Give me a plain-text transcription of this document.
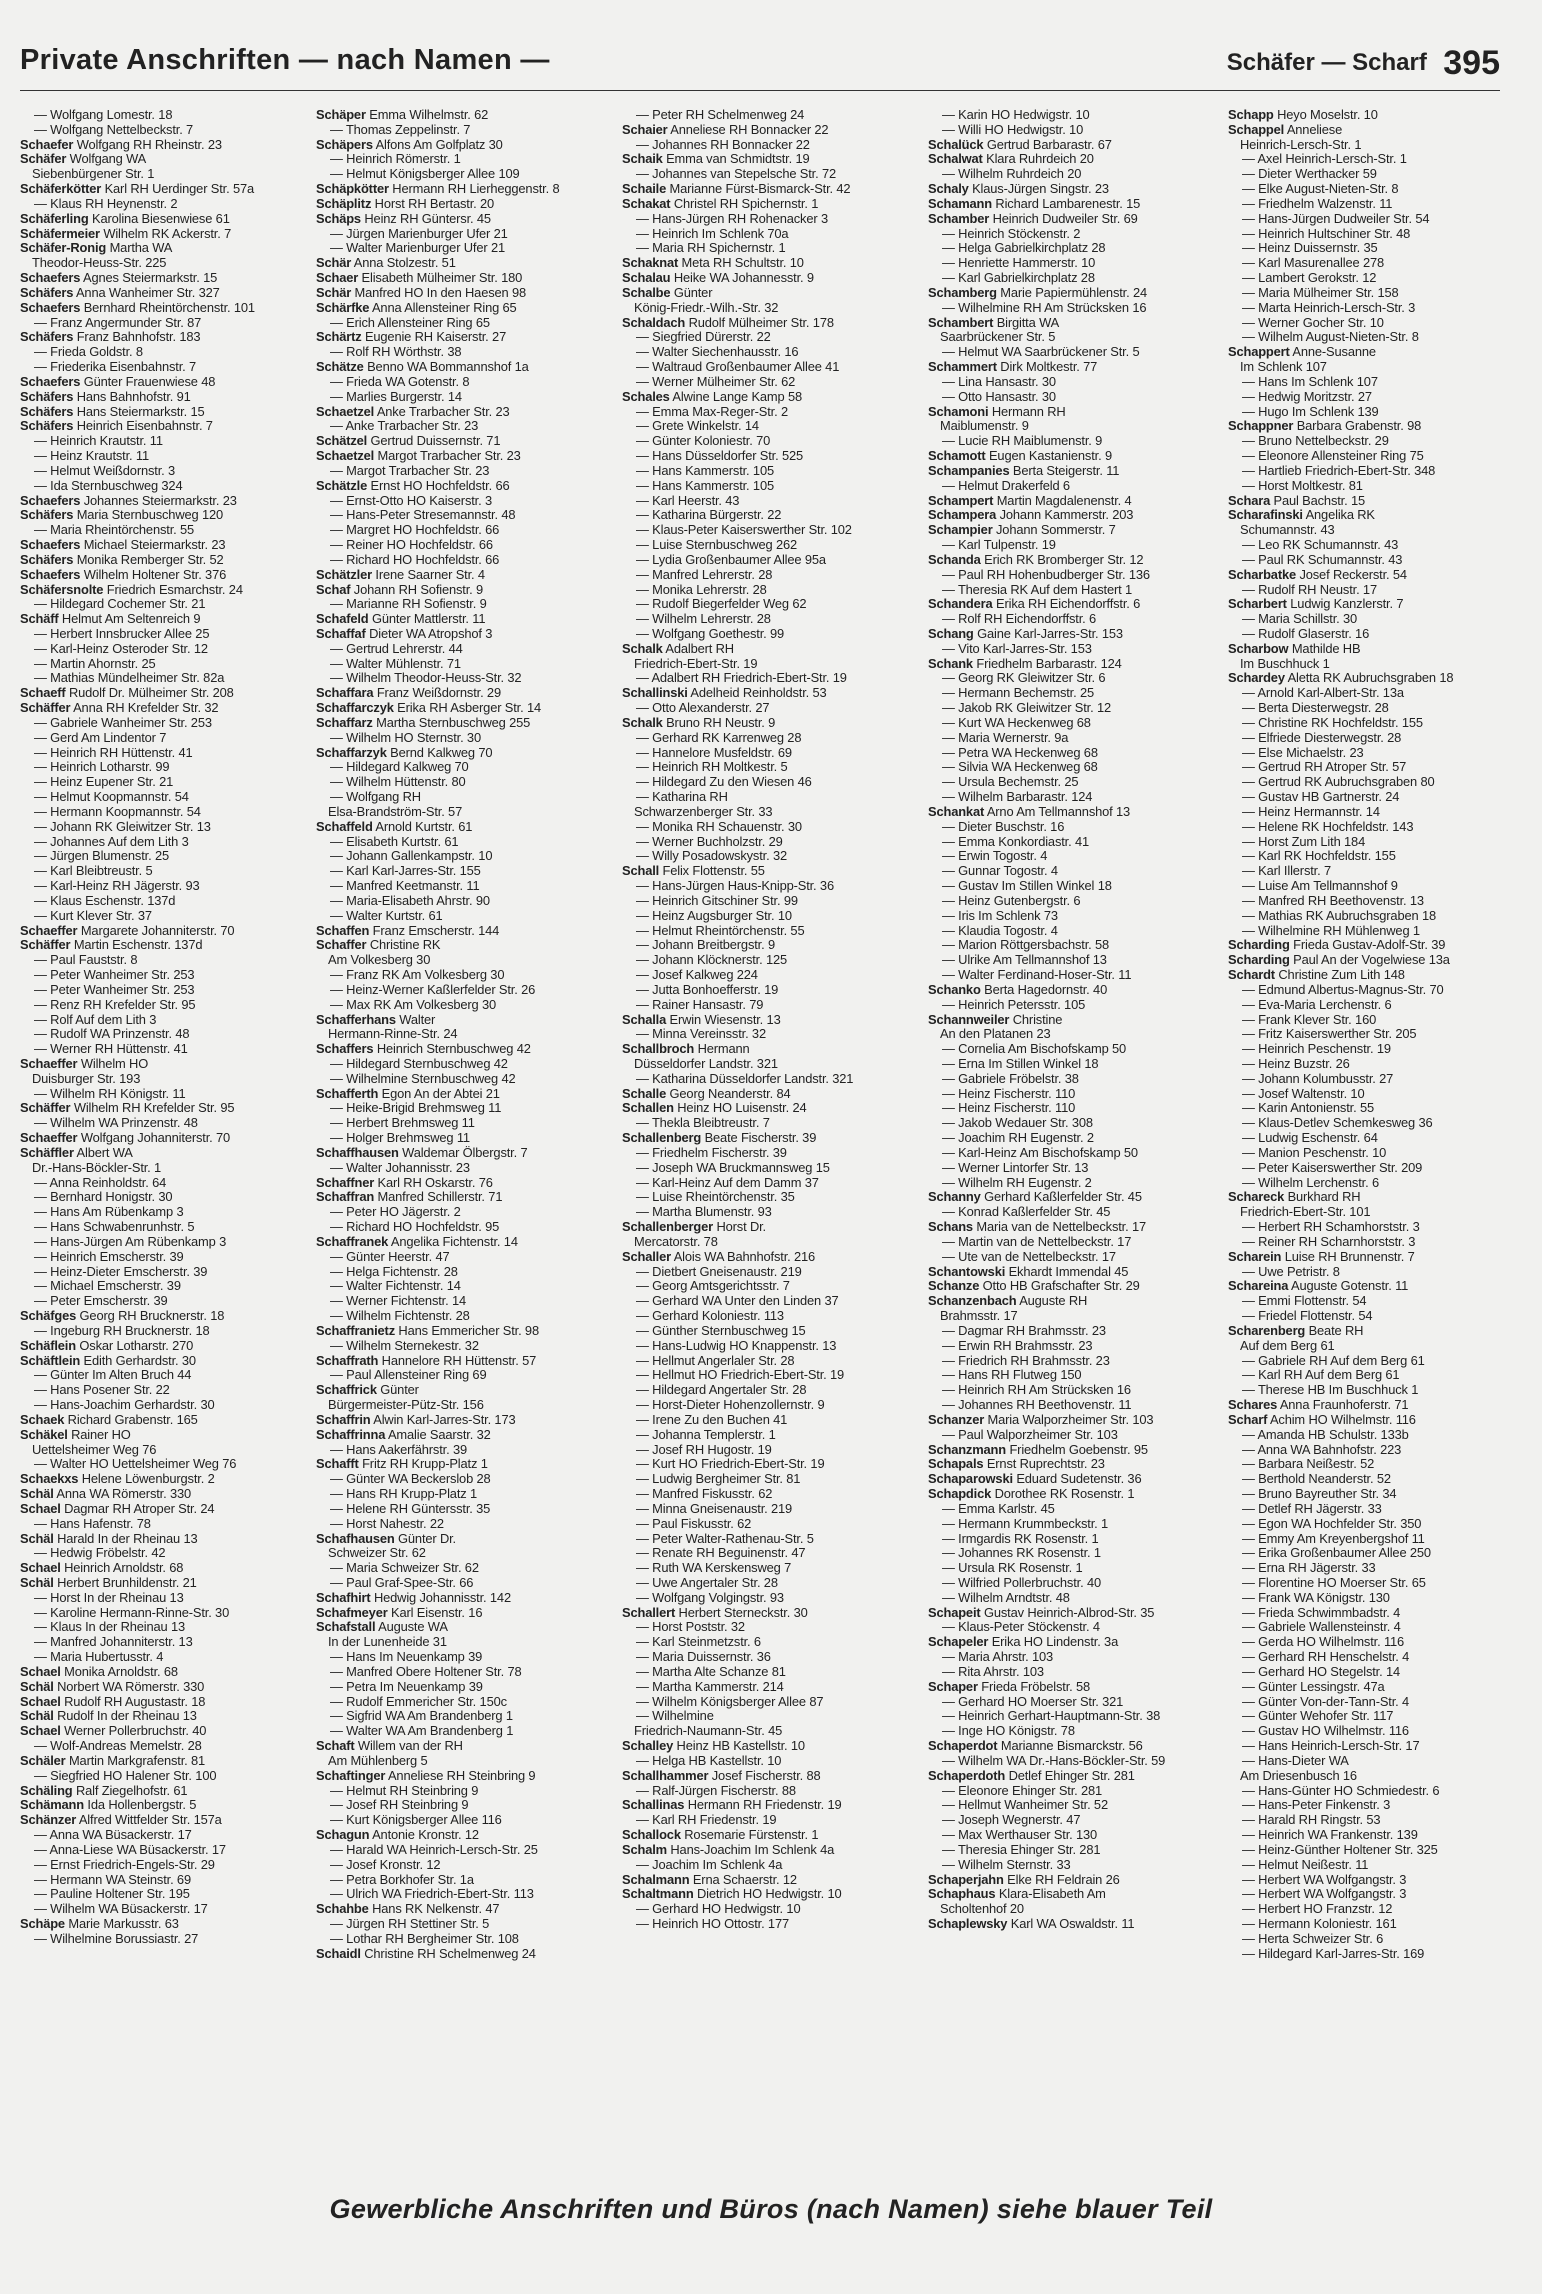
Private Anschriften — nach Namen —	Schäfer — Scharf 395
— Wolfgang Lomestr. 18
— Wolfgang Nettelbeckstr. 7
Schaefer Wolfgang RH Rheinstr. 23
Schäfer Wolfgang WA
Siebenbürgener Str. 1
Schäferkötter Karl RH Uerdinger Str. 57a
— Klaus RH Heynenstr. 2
Schäferling Karolina Biesenwiese 61
Schäfermeier Wilhelm RK Ackerstr. 7
Schäfer-Ronig Martha WA
Theodor-Heuss-Str. 225
Schaefers Agnes Steiermarkstr. 15
Schäfers Anna Wanheimer Str. 327
Schaefers Bernhard Rheintörchenstr. 101
— Franz Angermunder Str. 87
Schäfers Franz Bahnhofstr. 183
— Frieda Goldstr. 8
— Friederika Eisenbahnstr. 7
Schaefers Günter Frauenwiese 48
Schäfers Hans Bahnhofstr. 91
Schäfers Hans Steiermarkstr. 15
Schäfers Heinrich Eisenbahnstr. 7
— Heinrich Krautstr. 11
— Heinz Krautstr. 11
— Helmut Weißdornstr. 3
— Ida Sternbuschweg 324
Schaefers Johannes Steiermarkstr. 23
Schäfers Maria Sternbuschweg 120
— Maria Rheintörchenstr. 55
Schaefers Michael Steiermarkstr. 23
Schäfers Monika Remberger Str. 52
Schaefers Wilhelm Holtener Str. 376
Schäfersnolte Friedrich Esmarchstr. 24
— Hildegard Cochemer Str. 21
Schäff Helmut Am Seltenreich 9
— Herbert Innsbrucker Allee 25
— Karl-Heinz Osteroder Str. 12
— Martin Ahornstr. 25
— Mathias Mündelheimer Str. 82a
Schaeff Rudolf Dr. Mülheimer Str. 208
Schäffer Anna RH Krefelder Str. 32
— Gabriele Wanheimer Str. 253
— Gerd Am Lindentor 7
— Heinrich RH Hüttenstr. 41
— Heinrich Lotharstr. 99
— Heinz Eupener Str. 21
— Helmut Koopmannstr. 54
— Hermann Koopmannstr. 54
— Johann RK Gleiwitzer Str. 13
— Johannes Auf dem Lith 3
— Jürgen Blumenstr. 25
— Karl Bleibtreustr. 5
— Karl-Heinz RH Jägerstr. 93
— Klaus Eschenstr. 137d
— Kurt Klever Str. 37
Schaeffer Margarete Johanniterstr. 70
Schäffer Martin Eschenstr. 137d
— Paul Fauststr. 8
— Peter Wanheimer Str. 253
— Peter Wanheimer Str. 253
— Renz RH Krefelder Str. 95
— Rolf Auf dem Lith 3
— Rudolf WA Prinzenstr. 48
— Werner RH Hüttenstr. 41
Schaeffer Wilhelm HO
Duisburger Str. 193
— Wilhelm RH Königstr. 11
Schäffer Wilhelm RH Krefelder Str. 95
— Wilhelm WA Prinzenstr. 48
Schaeffer Wolfgang Johanniterstr. 70
Schäffler Albert WA
Dr.-Hans-Böckler-Str. 1
— Anna Reinholdstr. 64
— Bernhard Honigstr. 30
— Hans Am Rübenkamp 3
— Hans Schwabenrunhstr. 5
— Hans-Jürgen Am Rübenkamp 3
— Heinrich Emscherstr. 39
— Heinz-Dieter Emscherstr. 39
— Michael Emscherstr. 39
— Peter Emscherstr. 39
Schäfges Georg RH Brucknerstr. 18
— Ingeburg RH Brucknerstr. 18
Schäflein Oskar Lotharstr. 270
Schäftlein Edith Gerhardstr. 30
— Günter Im Alten Bruch 44
— Hans Posener Str. 22
— Hans-Joachim Gerhardstr. 30
Schaek Richard Grabenstr. 165
Schäkel Rainer HO
Uettelsheimer Weg 76
— Walter HO Uettelsheimer Weg 76
Schaekxs Helene Löwenburgstr. 2
Schäl Anna WA Römerstr. 330
Schael Dagmar RH Atroper Str. 24
— Hans Hafenstr. 78
Schäl Harald In der Rheinau 13
— Hedwig Fröbelstr. 42
Schael Heinrich Arnoldstr. 68
Schäl Herbert Brunhildenstr. 21
— Horst In der Rheinau 13
— Karoline Hermann-Rinne-Str. 30
— Klaus In der Rheinau 13
— Manfred Johanniterstr. 13
— Maria Hubertusstr. 4
Schael Monika Arnoldstr. 68
Schäl Norbert WA Römerstr. 330
Schael Rudolf RH Augustastr. 18
Schäl Rudolf In der Rheinau 13
Schael Werner Pollerbruchstr. 40
— Wolf-Andreas Memelstr. 28
Schäler Martin Markgrafenstr. 81
— Siegfried HO Halener Str. 100
Schäling Ralf Ziegelhofstr. 61
Schämann Ida Hollenbergstr. 5
Schänzer Alfred Wittfelder Str. 157a
— Anna WA Büsackerstr. 17
— Anna-Liese WA Büsackerstr. 17
— Ernst Friedrich-Engels-Str. 29
— Hermann WA Steinstr. 69
— Pauline Holtener Str. 195
— Wilhelm WA Büsackerstr. 17
Schäpe Marie Markusstr. 63
— Wilhelmine Borussiastr. 27
Schäper Emma Wilhelmstr. 62
— Thomas Zeppelinstr. 7
Schäpers Alfons Am Golfplatz 30
— Heinrich Römerstr. 1
— Helmut Königsberger Allee 109
Schäpkötter Hermann RH Lierheggenstr. 8
Schäplitz Horst RH Bertastr. 20
Schäps Heinz RH Güntersr. 45
— Jürgen Marienburger Ufer 21
— Walter Marienburger Ufer 21
Schär Anna Stolzestr. 51
Schaer Elisabeth Mülheimer Str. 180
Schär Manfred HO In den Haesen 98
Schärfke Anna Allensteiner Ring 65
— Erich Allensteiner Ring 65
Schärtz Eugenie RH Kaiserstr. 27
— Rolf RH Wörthstr. 38
Schätze Benno WA Bommannshof 1a
— Frieda WA Gotenstr. 8
— Marlies Burgerstr. 14
Schaetzel Anke Trarbacher Str. 23
— Anke Trarbacher Str. 23
Schätzel Gertrud Duissernstr. 71
Schaetzel Margot Trarbacher Str. 23
— Margot Trarbacher Str. 23
Schätzle Ernst HO Hochfeldstr. 66
— Ernst-Otto HO Kaiserstr. 3
— Hans-Peter Stresemannstr. 48
— Margret HO Hochfeldstr. 66
— Reiner HO Hochfeldstr. 66
— Richard HO Hochfeldstr. 66
Schätzler Irene Saarner Str. 4
Schaf Johann RH Sofienstr. 9
— Marianne RH Sofienstr. 9
Schafeld Günter Mattlerstr. 11
Schaffaf Dieter WA Atropshof 3
— Gertrud Lehrerstr. 44
— Walter Mühlenstr. 71
— Wilhelm Theodor-Heuss-Str. 32
Schaffara Franz Weißdornstr. 29
Schaffarczyk Erika RH Asberger Str. 14
Schaffarz Martha Sternbuschweg 255
— Wilhelm HO Sternstr. 30
Schaffarzyk Bernd Kalkweg 70
— Hildegard Kalkweg 70
— Wilhelm Hüttenstr. 80
— Wolfgang RH
Elsa-Brandström-Str. 57
Schaffeld Arnold Kurtstr. 61
— Elisabeth Kurtstr. 61
— Johann Gallenkampstr. 10
— Karl Karl-Jarres-Str. 155
— Manfred Keetmanstr. 11
— Maria-Elisabeth Ahrstr. 90
— Walter Kurtstr. 61
Schaffen Franz Emscherstr. 144
Schaffer Christine RK
Am Volkesberg 30
— Franz RK Am Volkesberg 30
— Heinz-Werner Kaßlerfelder Str. 26
— Max RK Am Volkesberg 30
Schafferhans Walter
Hermann-Rinne-Str. 24
Schaffers Heinrich Sternbuschweg 42
— Hildegard Sternbuschweg 42
— Wilhelmine Sternbuschweg 42
Schafferth Egon An der Abtei 21
— Heike-Brigid Brehmsweg 11
— Herbert Brehmsweg 11
— Holger Brehmsweg 11
Schaffhausen Waldemar Ölbergstr. 7
— Walter Johannisstr. 23
Schaffner Karl RH Oskarstr. 76
Schaffran Manfred Schillerstr. 71
— Peter HO Jägerstr. 2
— Richard HO Hochfeldstr. 95
Schaffranek Angelika Fichtenstr. 14
— Günter Heerstr. 47
— Helga Fichtenstr. 28
— Walter Fichtenstr. 14
— Werner Fichtenstr. 14
— Wilhelm Fichtenstr. 28
Schaffranietz Hans Emmericher Str. 98
— Wilhelm Sternekestr. 32
Schaffrath Hannelore RH Hüttenstr. 57
— Paul Allensteiner Ring 69
Schaffrick Günter
Bürgermeister-Pütz-Str. 156
Schaffrin Alwin Karl-Jarres-Str. 173
Schaffrinna Amalie Saarstr. 32
— Hans Aakerfährstr. 39
Schafft Fritz RH Krupp-Platz 1
— Günter WA Beckerslob 28
— Hans RH Krupp-Platz 1
— Helene RH Güntersstr. 35
— Horst Nahestr. 22
Schafhausen Günter Dr.
Schweizer Str. 62
— Maria Schweizer Str. 62
— Paul Graf-Spee-Str. 66
Schafhirt Hedwig Johannisstr. 142
Schafmeyer Karl Eisenstr. 16
Schafstall Auguste WA
In der Lunenheide 31
— Hans Im Neuenkamp 39
— Manfred Obere Holtener Str. 78
— Petra Im Neuenkamp 39
— Rudolf Emmericher Str. 150c
— Sigfrid WA Am Brandenberg 1
— Walter WA Am Brandenberg 1
Schaft Willem van der RH
Am Mühlenberg 5
Schaftinger Anneliese RH Steinbring 9
— Helmut RH Steinbring 9
— Josef RH Steinbring 9
— Kurt Königsberger Allee 116
Schagun Antonie Kronstr. 12
— Harald WA Heinrich-Lersch-Str. 25
— Josef Kronstr. 12
— Petra Borkhofer Str. 1a
— Ulrich WA Friedrich-Ebert-Str. 113
Schahbe Hans RK Nelkenstr. 47
— Jürgen RH Stettiner Str. 5
— Lothar RH Bergheimer Str. 108
Schaidl Christine RH Schelmenweg 24
— Peter RH Schelmenweg 24
Schaier Anneliese RH Bonnacker 22
— Johannes RH Bonnacker 22
Schaik Emma van Schmidtstr. 19
— Johannes van Stepelsche Str. 72
Schaile Marianne Fürst-Bismarck-Str. 42
Schakat Christel RH Spichernstr. 1
— Hans-Jürgen RH Rohenacker 3
— Heinrich Im Schlenk 70a
— Maria RH Spichernstr. 1
Schaknat Meta RH Schultstr. 10
Schalau Heike WA Johannesstr. 9
Schalbe Günter
König-Friedr.-Wilh.-Str. 32
Schaldach Rudolf Mülheimer Str. 178
— Siegfried Dürerstr. 22
— Walter Siechenhausstr. 16
— Waltraud Großenbaumer Allee 41
— Werner Mülheimer Str. 62
Schales Alwine Lange Kamp 58
— Emma Max-Reger-Str. 2
— Grete Winkelstr. 14
— Günter Koloniestr. 70
— Hans Düsseldorfer Str. 525
— Hans Kammerstr. 105
— Hans Kammerstr. 105
— Karl Heerstr. 43
— Katharina Bürgerstr. 22
— Klaus-Peter Kaiserswerther Str. 102
— Luise Sternbuschweg 262
— Lydia Großenbaumer Allee 95a
— Manfred Lehrerstr. 28
— Monika Lehrerstr. 28
— Rudolf Biegerfelder Weg 62
— Wilhelm Lehrerstr. 28
— Wolfgang Goethestr. 99
Schalk Adalbert RH
Friedrich-Ebert-Str. 19
— Adalbert RH Friedrich-Ebert-Str. 19
Schallinski Adelheid Reinholdstr. 53
— Otto Alexanderstr. 27
Schalk Bruno RH Neustr. 9
— Gerhard RK Karrenweg 28
— Hannelore Musfeldstr. 69
— Heinrich RH Moltkestr. 5
— Hildegard Zu den Wiesen 46
— Katharina RH
Schwarzenberger Str. 33
— Monika RH Schauenstr. 30
— Werner Buchholzstr. 29
— Willy Posadowskystr. 32
Schall Felix Flottenstr. 55
— Hans-Jürgen Haus-Knipp-Str. 36
— Heinrich Gitschiner Str. 99
— Heinz Augsburger Str. 10
— Helmut Rheintörchenstr. 55
— Johann Breitbergstr. 9
— Johann Klöcknerstr. 125
— Josef Kalkweg 224
— Jutta Bonhoefferstr. 19
— Rainer Hansastr. 79
Schalla Erwin Wiesenstr. 13
— Minna Vereinsstr. 32
Schallbroch Hermann
Düsseldorfer Landstr. 321
— Katharina Düsseldorfer Landstr. 321
Schalle Georg Neanderstr. 84
Schallen Heinz HO Luisenstr. 24
— Thekla Bleibtreustr. 7
Schallenberg Beate Fischerstr. 39
— Friedhelm Fischerstr. 39
— Joseph WA Bruckmannsweg 15
— Karl-Heinz Auf dem Damm 37
— Luise Rheintörchenstr. 35
— Martha Blumenstr. 93
Schallenberger Horst Dr.
Mercatorstr. 78
Schaller Alois WA Bahnhofstr. 216
— Dietbert Gneisenaustr. 219
— Georg Amtsgerichtsstr. 7
— Gerhard WA Unter den Linden 37
— Gerhard Koloniestr. 113
— Günther Sternbuschweg 15
— Hans-Ludwig HO Knappenstr. 13
— Hellmut Angerlaler Str. 28
— Hellmut HO Friedrich-Ebert-Str. 19
— Hildegard Angertaler Str. 28
— Horst-Dieter Hohenzollernstr. 9
— Irene Zu den Buchen 41
— Johanna Templerstr. 1
— Josef RH Hugostr. 19
— Kurt HO Friedrich-Ebert-Str. 19
— Ludwig Bergheimer Str. 81
— Manfred Fiskusstr. 62
— Minna Gneisenaustr. 219
— Paul Fiskusstr. 62
— Peter Walter-Rathenau-Str. 5
— Renate RH Beguinenstr. 47
— Ruth WA Kerskensweg 7
— Uwe Angertaler Str. 28
— Wolfgang Volgingstr. 93
Schallert Herbert Sterneckstr. 30
— Horst Poststr. 32
— Karl Steinmetzstr. 6
— Maria Duissernstr. 36
— Martha Alte Schanze 81
— Martha Kammerstr. 214
— Wilhelm Königsberger Allee 87
— Wilhelmine
Friedrich-Naumann-Str. 45
Schalley Heinz HB Kastellstr. 10
— Helga HB Kastellstr. 10
Schallhammer Josef Fischerstr. 88
— Ralf-Jürgen Fischerstr. 88
Schallinas Hermann RH Friedenstr. 19
— Karl RH Friedenstr. 19
Schallock Rosemarie Fürstenstr. 1
Schalm Hans-Joachim Im Schlenk 4a
— Joachim Im Schlenk 4a
Schalmann Erna Schaerstr. 12
Schaltmann Dietrich HO Hedwigstr. 10
— Gerhard HO Hedwigstr. 10
— Heinrich HO Ottostr. 177
— Karin HO Hedwigstr. 10
— Willi HO Hedwigstr. 10
Schalück Gertrud Barbarastr. 67
Schalwat Klara Ruhrdeich 20
— Wilhelm Ruhrdeich 20
Schaly Klaus-Jürgen Singstr. 23
Schamann Richard Lambarenestr. 15
Schamber Heinrich Dudweiler Str. 69
— Heinrich Stöckenstr. 2
— Helga Gabrielkirchplatz 28
— Henriette Hammerstr. 10
— Karl Gabrielkirchplatz 28
Schamberg Marie Papiermühlenstr. 24
— Wilhelmine RH Am Strücksken 16
Schambert Birgitta WA
Saarbrückener Str. 5
— Helmut WA Saarbrückener Str. 5
Schammert Dirk Moltkestr. 77
— Lina Hansastr. 30
— Otto Hansastr. 30
Schamoni Hermann RH
Maiblumenstr. 9
— Lucie RH Maiblumenstr. 9
Schamott Eugen Kastanienstr. 9
Schampanies Berta Steigerstr. 11
— Helmut Drakerfeld 6
Schampert Martin Magdalenenstr. 4
Schampera Johann Kammerstr. 203
Schampier Johann Sommerstr. 7
— Karl Tulpenstr. 19
Schanda Erich RK Bromberger Str. 12
— Paul RH Hohenbudberger Str. 136
— Theresia RK Auf dem Hastert 1
Schandera Erika RH Eichendorffstr. 6
— Rolf RH Eichendorffstr. 6
Schang Gaine Karl-Jarres-Str. 153
— Vito Karl-Jarres-Str. 153
Schank Friedhelm Barbarastr. 124
— Georg RK Gleiwitzer Str. 6
— Hermann Bechemstr. 25
— Jakob RK Gleiwitzer Str. 12
— Kurt WA Heckenweg 68
— Maria Wernerstr. 9a
— Petra WA Heckenweg 68
— Silvia WA Heckenweg 68
— Ursula Bechemstr. 25
— Wilhelm Barbarastr. 124
Schankat Arno Am Tellmannshof 13
— Dieter Buschstr. 16
— Emma Konkordiastr. 41
— Erwin Togostr. 4
— Gunnar Togostr. 4
— Gustav Im Stillen Winkel 18
— Heinz Gutenbergstr. 6
— Iris Im Schlenk 73
— Klaudia Togostr. 4
— Marion Röttgersbachstr. 58
— Ulrike Am Tellmannshof 13
— Walter Ferdinand-Hoser-Str. 11
Schanko Berta Hagedornstr. 40
— Heinrich Petersstr. 105
Schannweiler Christine
An den Platanen 23
— Cornelia Am Bischofskamp 50
— Erna Im Stillen Winkel 18
— Gabriele Fröbelstr. 38
— Heinz Fischerstr. 110
— Heinz Fischerstr. 110
— Jakob Wedauer Str. 308
— Joachim RH Eugenstr. 2
— Karl-Heinz Am Bischofskamp 50
— Werner Lintorfer Str. 13
— Wilhelm RH Eugenstr. 2
Schanny Gerhard Kaßlerfelder Str. 45
— Konrad Kaßlerfelder Str. 45
Schans Maria van de Nettelbeckstr. 17
— Martin van de Nettelbeckstr. 17
— Ute van de Nettelbeckstr. 17
Schantowski Ekhardt Immendal 45
Schanze Otto HB Grafschafter Str. 29
Schanzenbach Auguste RH
Brahmsstr. 17
— Dagmar RH Brahmsstr. 23
— Erwin RH Brahmsstr. 23
— Friedrich RH Brahmsstr. 23
— Hans RH Flutweg 150
— Heinrich RH Am Strücksken 16
— Johannes RH Beethovenstr. 11
Schanzer Maria Walporzheimer Str. 103
— Paul Walporzheimer Str. 103
Schanzmann Friedhelm Goebenstr. 95
Schapals Ernst Ruprechtstr. 23
Schaparowski Eduard Sudetenstr. 36
Schapdick Dorothee RK Rosenstr. 1
— Emma Karlstr. 45
— Hermann Krummbeckstr. 1
— Irmgardis RK Rosenstr. 1
— Johannes RK Rosenstr. 1
— Ursula RK Rosenstr. 1
— Wilfried Pollerbruchstr. 40
— Wilhelm Arndtstr. 48
Schapeit Gustav Heinrich-Albrod-Str. 35
— Klaus-Peter Stöckenstr. 4
Schapeler Erika HO Lindenstr. 3a
— Maria Ahrstr. 103
— Rita Ahrstr. 103
Schaper Frieda Fröbelstr. 58
— Gerhard HO Moerser Str. 321
— Heinrich Gerhart-Hauptmann-Str. 38
— Inge HO Königstr. 78
Schaperdot Marianne Bismarckstr. 56
— Wilhelm WA Dr.-Hans-Böckler-Str. 59
Schaperdoth Detlef Ehinger Str. 281
— Eleonore Ehinger Str. 281
— Hellmut Wanheimer Str. 52
— Joseph Wegnerstr. 47
— Max Werthauser Str. 130
— Theresia Ehinger Str. 281
— Wilhelm Sternstr. 33
Schaperjahn Elke RH Feldrain 26
Schaphaus Klara-Elisabeth Am
Scholtenhof 20
Schaplewsky Karl WA Oswaldstr. 11
Schapp Heyo Moselstr. 10
Schappel Anneliese
Heinrich-Lersch-Str. 1
— Axel Heinrich-Lersch-Str. 1
— Dieter Werthacker 59
— Elke August-Nieten-Str. 8
— Friedhelm Walzenstr. 11
— Hans-Jürgen Dudweiler Str. 54
— Heinrich Hultschiner Str. 48
— Heinz Duissernstr. 35
— Karl Masurenallee 278
— Lambert Gerokstr. 12
— Maria Mülheimer Str. 158
— Marta Heinrich-Lersch-Str. 3
— Werner Gocher Str. 10
— Wilhelm August-Nieten-Str. 8
Schappert Anne-Susanne
Im Schlenk 107
— Hans Im Schlenk 107
— Hedwig Moritzstr. 27
— Hugo Im Schlenk 139
Schappner Barbara Grabenstr. 98
— Bruno Nettelbeckstr. 29
— Eleonore Allensteiner Ring 75
— Hartlieb Friedrich-Ebert-Str. 348
— Horst Moltkestr. 81
Schara Paul Bachstr. 15
Scharafinski Angelika RK
Schumannstr. 43
— Leo RK Schumannstr. 43
— Paul RK Schumannstr. 43
Scharbatke Josef Reckerstr. 54
— Rudolf RH Neustr. 17
Scharbert Ludwig Kanzlerstr. 7
— Maria Schillstr. 30
— Rudolf Glaserstr. 16
Scharbow Mathilde HB
Im Buschhuck 1
Schardey Aletta RK Aubruchsgraben 18
— Arnold Karl-Albert-Str. 13a
— Berta Diesterwegstr. 28
— Christine RK Hochfeldstr. 155
— Elfriede Diesterwegstr. 28
— Else Michaelstr. 23
— Gertrud RH Atroper Str. 57
— Gertrud RK Aubruchsgraben 80
— Gustav HB Gartnerstr. 24
— Heinz Hermannstr. 14
— Helene RK Hochfeldstr. 143
— Horst Zum Lith 184
— Karl RK Hochfeldstr. 155
— Karl Illerstr. 7
— Luise Am Tellmannshof 9
— Manfred RH Beethovenstr. 13
— Mathias RK Aubruchsgraben 18
— Wilhelmine RH Mühlenweg 1
Scharding Frieda Gustav-Adolf-Str. 39
Scharding Paul An der Vogelwiese 13a
Schardt Christine Zum Lith 148
— Edmund Albertus-Magnus-Str. 70
— Eva-Maria Lerchenstr. 6
— Frank Klever Str. 160
— Fritz Kaiserswerther Str. 205
— Heinrich Peschenstr. 19
— Heinz Buzstr. 26
— Johann Kolumbusstr. 27
— Josef Waltenstr. 10
— Karin Antonienstr. 55
— Klaus-Detlev Schemkesweg 36
— Ludwig Eschenstr. 64
— Manion Peschenstr. 10
— Peter Kaiserswerther Str. 209
— Wilhelm Lerchenstr. 6
Schareck Burkhard RH
Friedrich-Ebert-Str. 101
— Herbert RH Schamhorststr. 3
— Reiner RH Scharnhorststr. 3
Scharein Luise RH Brunnenstr. 7
— Uwe Petristr. 8
Schareina Auguste Gotenstr. 11
— Emmi Flottenstr. 54
— Friedel Flottenstr. 54
Scharenberg Beate RH
Auf dem Berg 61
— Gabriele RH Auf dem Berg 61
— Karl RH Auf dem Berg 61
— Therese HB Im Buschhuck 1
Schares Anna Fraunhoferstr. 71
Scharf Achim HO Wilhelmstr. 116
— Amanda HB Schulstr. 133b
— Anna WA Bahnhofstr. 223
— Barbara Neißestr. 52
— Berthold Neanderstr. 52
— Bruno Bayreuther Str. 34
— Detlef RH Jägerstr. 33
— Egon WA Hochfelder Str. 350
— Emmy Am Kreyenbergshof 11
— Erika Großenbaumer Allee 250
— Erna RH Jägerstr. 33
— Florentine HO Moerser Str. 65
— Frank WA Königstr. 130
— Frieda Schwimmbadstr. 4
— Gabriele Wallensteinstr. 4
— Gerda HO Wilhelmstr. 116
— Gerhard RH Henschelstr. 4
— Gerhard HO Stegelstr. 14
— Günter Lessingstr. 47a
— Günter Von-der-Tann-Str. 4
— Günter Wehofer Str. 117
— Gustav HO Wilhelmstr. 116
— Hans Heinrich-Lersch-Str. 17
— Hans-Dieter WA
Am Driesenbusch 16
— Hans-Günter HO Schmiedestr. 6
— Hans-Peter Finkenstr. 3
— Harald RH Ringstr. 53
— Heinrich WA Frankenstr. 139
— Heinz-Günther Holtener Str. 325
— Helmut Neißestr. 11
— Herbert WA Wolfgangstr. 3
— Herbert WA Wolfgangstr. 3
— Herbert HO Franzstr. 12
— Hermann Koloniestr. 161
— Herta Schweizer Str. 6
— Hildegard Karl-Jarres-Str. 169
Gewerbliche Anschriften und Büros (nach Namen) siehe blauer Teil
